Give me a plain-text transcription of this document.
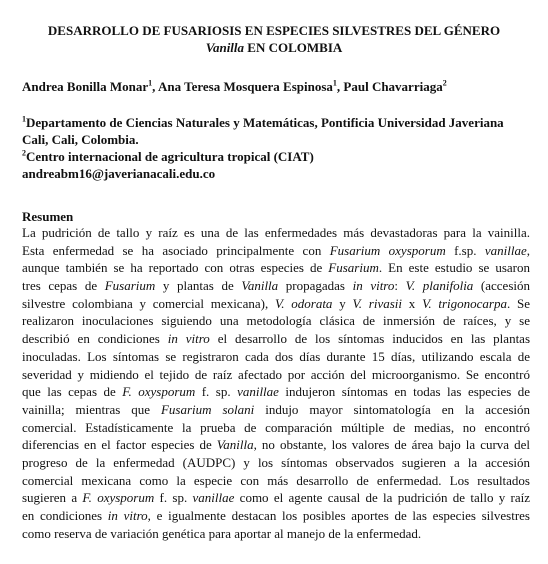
DESARROLLO DE FUSARIOSIS EN ESPECIES SILVESTRES DEL GÉNERO
Vanilla EN COLOMBIA
Andrea Bonilla Monar$^1$, Ana Teresa Mosquera Espinosa$^1$, Paul Chavarriaga$^2$
$^1$Departamento de Ciencias Naturales y Matemáticas, Pontificia Universidad Javeriana
Cali, Cali, Colombia.
$^2$Centro internacional de agricultura tropical (CIAT)
andreabm16@javerianacali.edu.co
Resumen
La pudrición de tallo y raíz es una de las enfermedades más devastadoras para la vainilla.
Esta enfermedad se ha asociado principalmente con Fusarium oxysporum f.sp. vanillae,
aunque también se ha reportado con otras especies de Fusarium. En este estudio se usaron
tres cepas de Fusarium y plantas de Vanilla propagadas in vitro: V. planifolia (accesión
silvestre colombiana y comercial mexicana), V. odorata y V. rivasii x V. trigonocarpa. Se
realizaron inoculaciones siguiendo una metodología clásica de inmersión de raíces, y se
describió en condiciones in vitro el desarrollo de los síntomas inducidos en las plantas
inoculadas. Los síntomas se registraron cada dos días durante 15 días, utilizando escala de
severidad y midiendo el tejido de raíz afectado por acción del microorganismo. Se encontró
que las cepas de F. oxysporum f. sp. vanillae indujeron síntomas en todas las especies de
vainilla; mientras que Fusarium solani indujo mayor sintomatología en la accesión
comercial. Estadísticamente la prueba de comparación múltiple de medias, no encontró
diferencias en el factor especies de Vanilla, no obstante, los valores de área bajo la curva del
progreso de la enfermedad (AUDPC) y los síntomas observados sugieren a la accesión
comercial mexicana como la especie con más desarrollo de enfermedad. Los resultados
sugieren a F. oxysporum f. sp. vanillae como el agente causal de la pudrición de tallo y raíz
en condiciones in vitro, e igualmente destacan los posibles aportes de las especies silvestres
como reserva de variación genética para aportar al manejo de la enfermedad.
